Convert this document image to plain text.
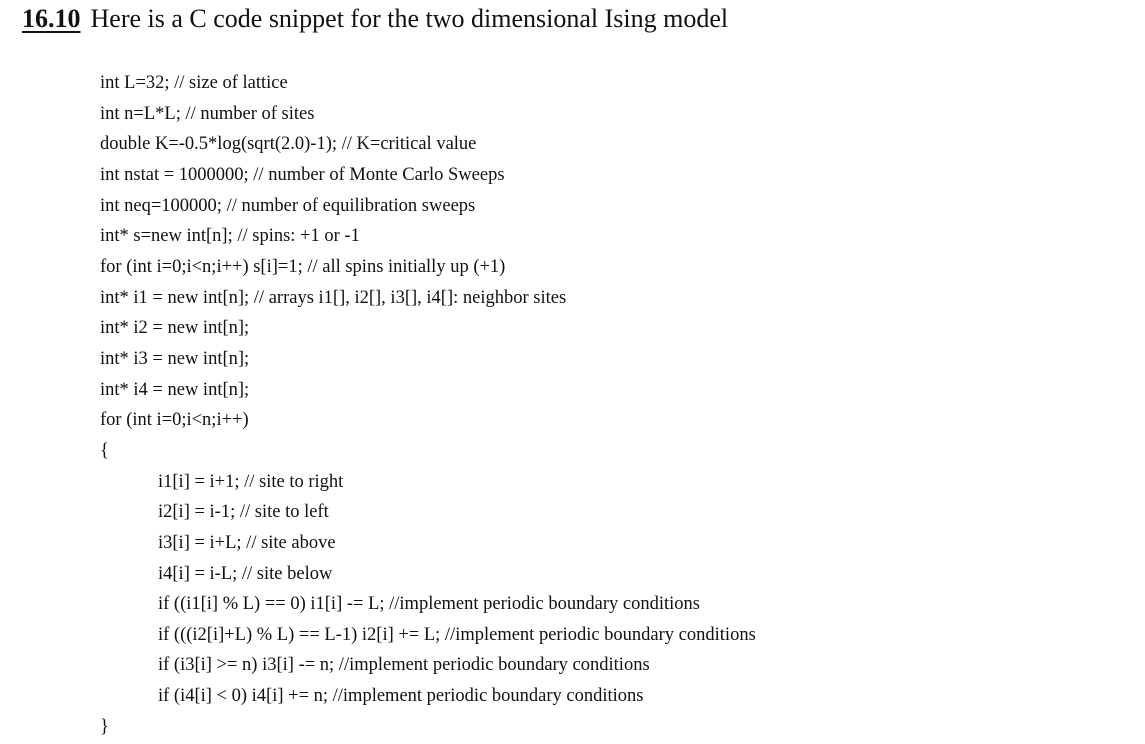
16.10 Here is a C code snippet for the two dimensional Ising model
int L=32; // size of lattice
int n=L*L; // number of sites
double K=-0.5*log(sqrt(2.0)-1); // K=critical value
int nstat = 1000000; // number of Monte Carlo Sweeps
int neq=100000; // number of equilibration sweeps
int* s=new int[n]; // spins: +1 or -1
for (int i=0;i<n;i++) s[i]=1; // all spins initially up (+1)
int* i1 = new int[n]; // arrays i1[], i2[], i3[], i4[]: neighbor sites
int* i2 = new int[n];
int* i3 = new int[n];
int* i4 = new int[n];
for (int i=0;i<n;i++)
{
i1[i] = i+1; // site to right
i2[i] = i-1; // site to left
i3[i] = i+L; // site above
i4[i] = i-L; // site below
if ((i1[i] % L) == 0) i1[i] -= L; //implement periodic boundary conditions
if (((i2[i]+L) % L) == L-1) i2[i] += L; //implement periodic boundary conditions
if (i3[i] >= n) i3[i] -= n; //implement periodic boundary conditions
if (i4[i] < 0) i4[i] += n; //implement periodic boundary conditions
}
